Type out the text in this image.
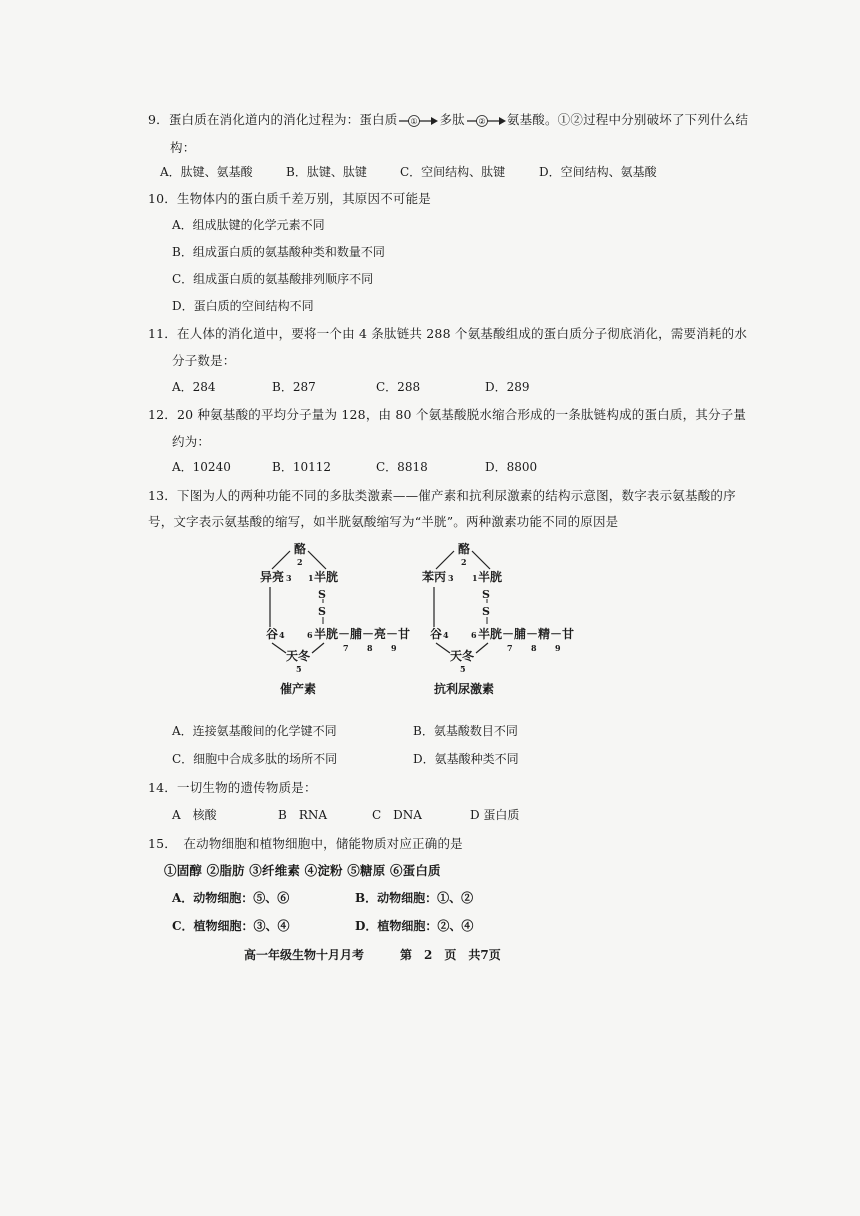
9．蛋白质在消化道内的消化过程为：蛋白质 ① 多肽 ② 氨基酸。①②过程中分别破坏了下列什么结
构：
A．肽键、氨基酸	B．肽键、肽键	C．空间结构、肽键	D．空间结构、氨基酸
10．生物体内的蛋白质千差万别，其原因不可能是
A．组成肽键的化学元素不同
B．组成蛋白质的氨基酸种类和数量不同
C．组成蛋白质的氨基酸排列顺序不同
D．蛋白质的空间结构不同
11．在人体的消化道中，要将一个由 4 条肽链共 288 个氨基酸组成的蛋白质分子彻底消化，需要消耗的水
分子数是：
A．284	B．287	C．288	D．289
12．20 种氨基酸的平均分子量为 128，由 80 个氨基酸脱水缩合形成的一条肽链构成的蛋白质，其分子量
约为：
A．10240	B．10112	C．8818	D．8800
13．下图为人的两种功能不同的多肽类激素——催产素和抗利尿激素的结构示意图，数字表示氨基酸的序
号，文字表示氨基酸的缩写，如半胱氨酸缩写为“半胱”。两种激素功能不同的原因是
酪
2
异亮 3 1 半胱
S
S
谷 4	6 半胱－脯－亮－甘
7 8 9
天冬
5
催产素
酪
2
苯丙 3 1 半胱
S
S
谷 4	6 半胱－脯－精－甘
7 8 9
天冬
5
抗利尿激素
A．连接氨基酸间的化学键不同	B．氨基酸数目不同
C．细胞中合成多肽的场所不同	D．氨基酸种类不同
14．一切生物的遗传物质是：
A　核酸	B　RNA	C　DNA	D 蛋白质
15．　在动物细胞和植物细胞中，储能物质对应正确的是
①固醇 ②脂肪 ③纤维素 ④淀粉 ⑤糖原 ⑥蛋白质
A．动物细胞：⑤、⑥	B．动物细胞：①、②
C．植物细胞：③、④	D．植物细胞：②、④
高一年级生物十月月考	第　2　页　共7页
